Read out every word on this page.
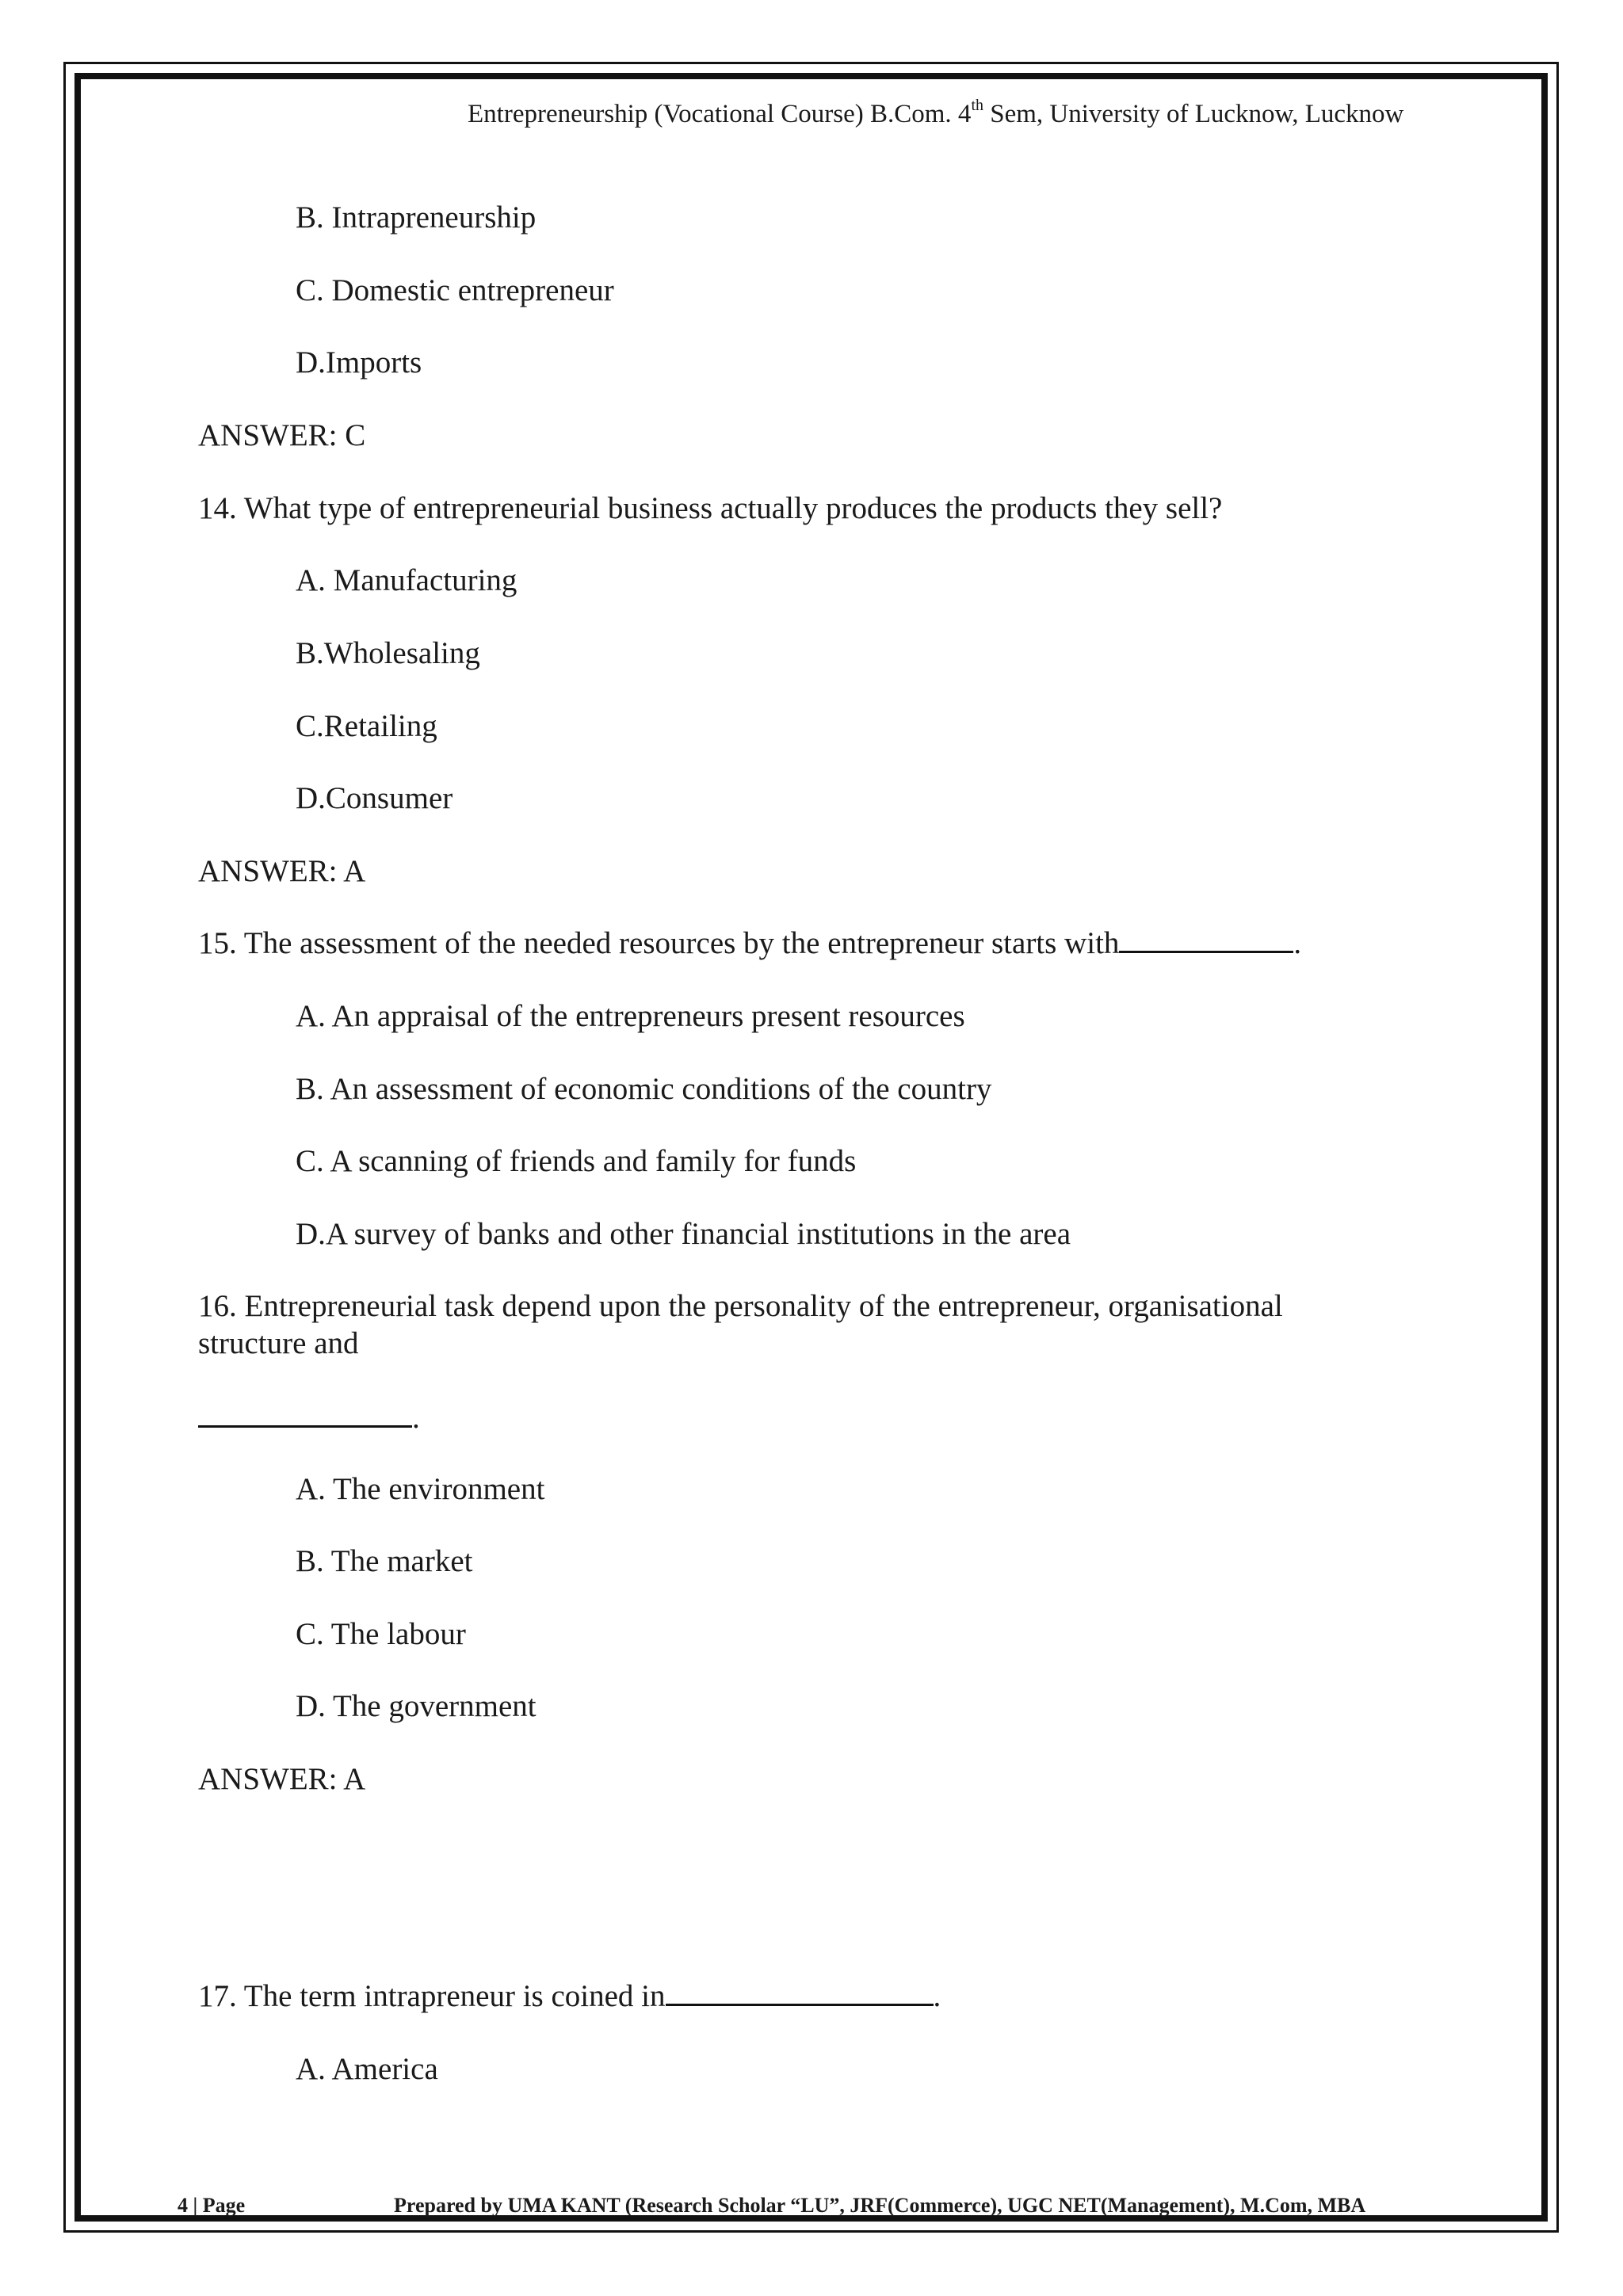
Entrepreneurship (Vocational Course) B.Com. 4th Sem, University of Lucknow, Lucknow
B. Intrapreneurship
C. Domestic entrepreneur
D.Imports
ANSWER: C
14. What type of entrepreneurial business actually produces the products they sell?
A. Manufacturing
B.Wholesaling
C.Retailing
D.Consumer
ANSWER: A
15. The assessment of the needed resources by the entrepreneur starts with	.
A. An appraisal of the entrepreneurs present resources
B. An assessment of economic conditions of the country
C. A scanning of friends and family for funds
D.A survey of banks and other financial institutions in the area
16. Entrepreneurial task depend upon the personality of the entrepreneur, organisational
structure and
.
A. The environment
B. The market
C. The labour
D. The government
ANSWER: A
17. The term intrapreneur is coined in	.
A. America
4 | Page	Prepared by UMA KANT (Research Scholar “LU”, JRF(Commerce), UGC NET(Management), M.Com, MBA
